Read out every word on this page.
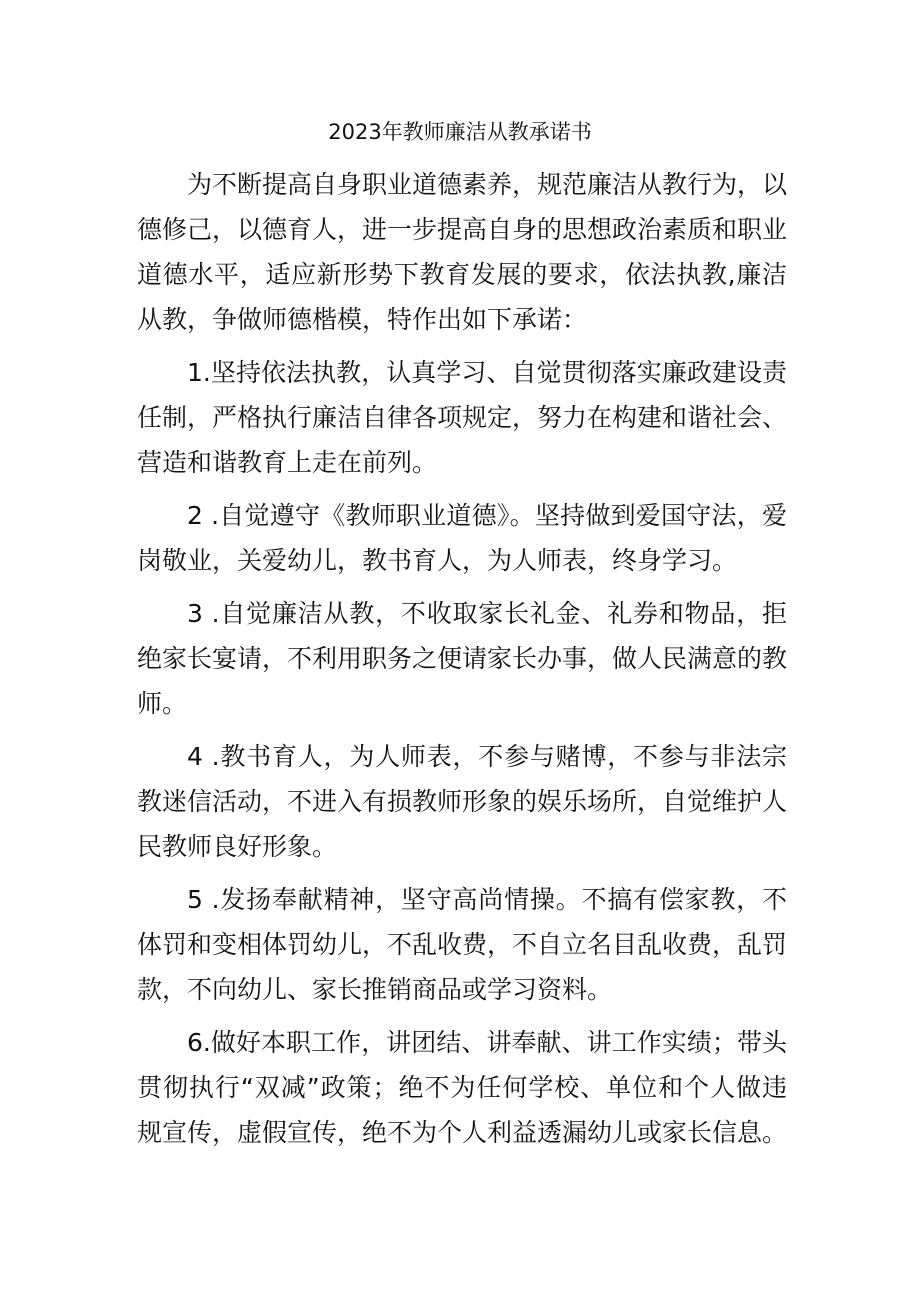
2023年教师廉洁从教承诺书

为不断提高自身职业道德素养，规范廉洁从教行为，以德修己，以德育人，进一步提高自身的思想政治素质和职业道德水平，适应新形势下教育发展的要求，依法执教,廉洁从教，争做师德楷模，特作出如下承诺：

1.坚持依法执教，认真学习、自觉贯彻落实廉政建设责任制，严格执行廉洁自律各项规定，努力在构建和谐社会、营造和谐教育上走在前列。

2 .自觉遵守《教师职业道德》。坚持做到爱国守法，爱岗敬业，关爱幼儿，教书育人，为人师表，终身学习。

3 .自觉廉洁从教，不收取家长礼金、礼券和物品，拒绝家长宴请，不利用职务之便请家长办事，做人民满意的教师。

4 .教书育人，为人师表，不参与赌博，不参与非法宗教迷信活动，不进入有损教师形象的娱乐场所，自觉维护人民教师良好形象。

5 .发扬奉献精神，坚守高尚情操。不搞有偿家教，不体罚和变相体罚幼儿，不乱收费，不自立名目乱收费，乱罚款，不向幼儿、家长推销商品或学习资料。

6.做好本职工作，讲团结、讲奉献、讲工作实绩；带头贯彻执行“双减”政策；绝不为任何学校、单位和个人做违规宣传，虚假宣传，绝不为个人利益透漏幼儿或家长信息。
